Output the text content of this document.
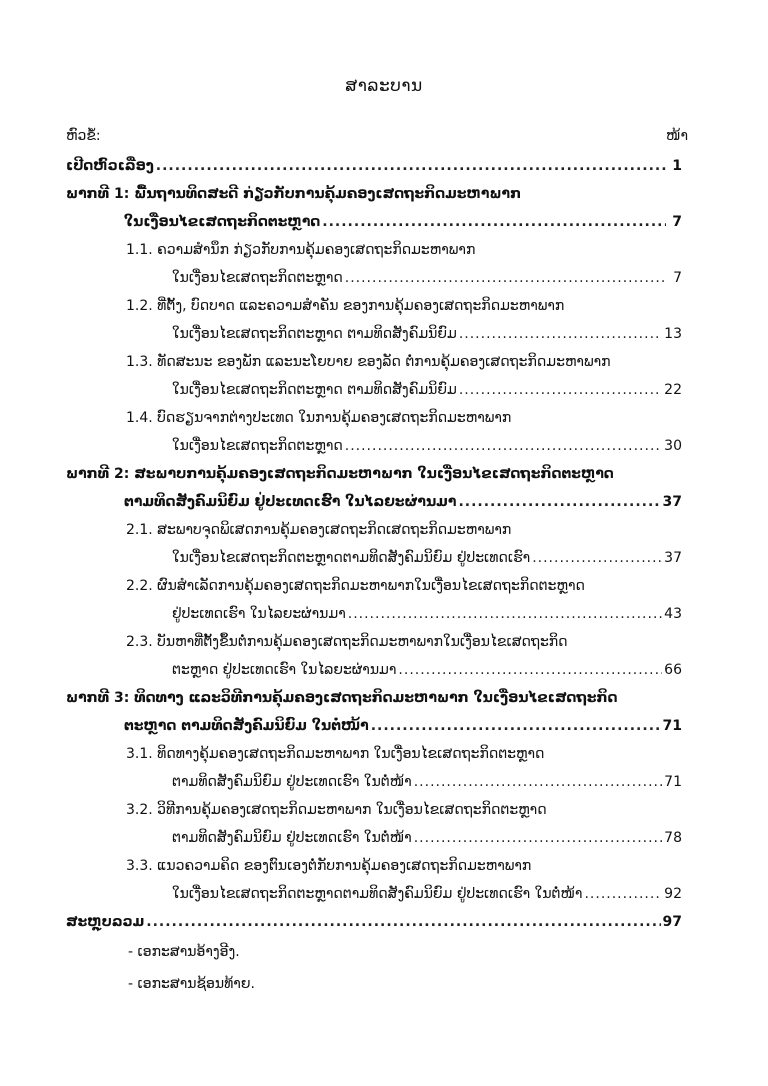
ສາລະບານ
ຫົວຂໍ້:	ໜ້າ
ເປີດຫົວເລື່ອງ .....	1
ພາກທີ 1: ພື້ນຖານທິດສະດີ ກ່ຽວກັບການຄຸ້ມຄອງເສດຖະກິດມະຫາພາກ
ໃນເງື່ອນໄຂເສດຖະກິດຕະຫຼາດ .....	7
1.1. ຄວາມສຳນຶກ ກ່ຽວກັບການຄຸ້ມຄອງເສດຖະກິດມະຫາພາກ
ໃນເງື່ອນໄຂເສດຖະກິດຕະຫຼາດ .....	7
1.2. ທີ່ຕັ້ງ, ບົດບາດ ແລະຄວາມສຳຄັນ ຂອງການຄຸ້ມຄອງເສດຖະກິດມະຫາພາກ
ໃນເງື່ອນໄຂເສດຖະກິດຕະຫຼາດ ຕາມທິດສັງຄົມນິຍົມ .....	13
1.3. ທັດສະນະ ຂອງພັກ ແລະນະໂຍບາຍ ຂອງລັດ ຕໍ່ການຄຸ້ມຄອງເສດຖະກິດມະຫາພາກ
ໃນເງື່ອນໄຂເສດຖະກິດຕະຫຼາດ ຕາມທິດສັງຄົມນິຍົມ .....	22
1.4. ບົດຮຽນຈາກຕ່າງປະເທດ ໃນການຄຸ້ມຄອງເສດຖະກິດມະຫາພາກ
ໃນເງື່ອນໄຂເສດຖະກິດຕະຫຼາດ .....	30
ພາກທີ 2: ສະພາບການຄຸ້ມຄອງເສດຖະກິດມະຫາພາກ ໃນເງື່ອນໄຂເສດຖະກິດຕະຫຼາດ
ຕາມທິດສັງຄົມນິຍົມ ຢູ່ປະເທດເຮົາ ໃນໄລຍະຜ່ານມາ .....	37
2.1. ສະພາບຈຸດພິເສດການຄຸ້ມຄອງເສດຖະກິດເສດຖະກິດມະຫາພາກ
ໃນເງື່ອນໄຂເສດຖະກິດຕະຫຼາດຕາມທິດສັງຄົມນິຍົມ ຢູ່ປະເທດເຮົາ .....	37
2.2. ຜົນສຳເລັດການຄຸ້ມຄອງເສດຖະກິດມະຫາພາກໃນເງື່ອນໄຂເສດຖະກິດຕະຫຼາດ
ຢູ່ປະເທດເຮົາ ໃນໄລຍະຜ່ານມາ .....	43
2.3. ບັນຫາທີ່ຕັ້ງຂຶ້ນຕໍ່ການຄຸ້ມຄອງເສດຖະກິດມະຫາພາກໃນເງື່ອນໄຂເສດຖະກິດ
ຕະຫຼາດ ຢູ່ປະເທດເຮົາ ໃນໄລຍະຜ່ານມາ .....	66
ພາກທີ 3: ທິດທາງ ແລະວິທີການຄຸ້ມຄອງເສດຖະກິດມະຫາພາກ ໃນເງື່ອນໄຂເສດຖະກິດ
ຕະຫຼາດ ຕາມທິດສັງຄົມນິຍົມ ໃນຕໍ່ໜ້າ .....	71
3.1. ທິດທາງຄຸ້ມຄອງເສດຖະກິດມະຫາພາກ ໃນເງື່ອນໄຂເສດຖະກິດຕະຫຼາດ
ຕາມທິດສັງຄົມນິຍົມ ຢູ່ປະເທດເຮົາ ໃນຕໍ່ໜ້າ .....	71
3.2. ວິທີການຄຸ້ມຄອງເສດຖະກິດມະຫາພາກ ໃນເງື່ອນໄຂເສດຖະກິດຕະຫຼາດ
ຕາມທິດສັງຄົມນິຍົມ ຢູ່ປະເທດເຮົາ ໃນຕໍ່ໜ້າ .....	78
3.3. ແນວຄວາມຄິດ ຂອງຕົນເອງຕໍ່ກັບການຄຸ້ມຄອງເສດຖະກິດມະຫາພາກ
ໃນເງື່ອນໄຂເສດຖະກິດຕະຫຼາດຕາມທິດສັງຄົມນິຍົມ ຢູ່ປະເທດເຮົາ ໃນຕໍ່ໜ້າ .....	92
ສະຫຼຸບລວມ .....	97
- ເອກະສານອ້າງອີງ.
- ເອກະສານຊ້ອນທ້າຍ.
